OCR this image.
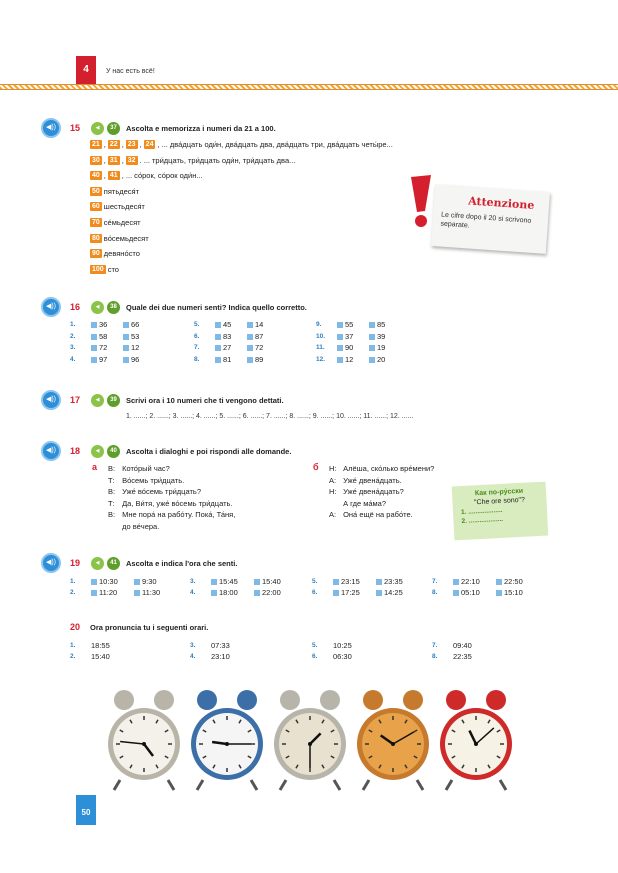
4	У нас есть всё!
◀))	15	◀	37	Ascolta e memorizza i numeri da 21 a 100.
21 , 22 , 23 , 24 , ... два́дцать оди́н, два́дцать два, два́дцать три, два́дцать четы́ре...
30 , 31 , 32 . ... три́дцать, три́дцать оди́н, три́дцать два...
40 , 41 , ... со́рок, со́рок оди́н...
50 пятьдеся́т
60 шестьдеся́т
70 се́мьдесят
80 во́семьдесят
90 девяно́сто
100 сто
Attenzione
Le cifre dopo il 20 si scrivono separate.
◀))	16	◀	38	Quale dei due numeri senti? Indica quello corretto.
1.	36	66
2.	58	53
3.	72	12
4.	97	96
5.	45	14
6.	83	87
7.	27	72
8.	81	89
9.	55	85
10.	37	39
11.	90	19
12.	12	20
◀))	17	◀	39	Scrivi ora i 10 numeri che ti vengono dettati.
1. ......; 2. ......; 3. ......; 4. ......; 5. ......; 6. ......; 7. ......; 8. ......; 9. ......; 10. ......; 11. ......; 12. ......
◀))	18	◀	40	Ascolta i dialoghi e poi rispondi alle domande.
а В: Кото́рый час?
Т: Во́семь три́дцать.
В: Уже́ во́семь три́дцать?
Т: Да, Ви́тя, уже́ во́семь три́дцать.
В: Мне пора́ на рабо́ту. Пока́, Та́ня,
до ве́чера.
б Н: Алёша, ско́лько вре́мени?
А: Уже́ двена́дцать.
Н: Уже́ двена́дцать?
А где ма́ма?
А: Она́ ещё на рабо́те.
Как по-ру́сски
"Che ore sono"?
1. ...................
2. ...................
◀))	19	◀	41	Ascolta e indica l'ora che senti.
1.	10:30	9:30
2.	11:20	11:30
3.	15:45	15:40
4.	18:00	22:00
5.	23:15	23:35
6.	17:25	14:25
7.	22:10	22:50
8.	05:10	15:10
20 Ora pronuncia tu i seguenti orari.
1. 18:55
2. 15:40
3. 07:33
4. 23:10
5. 10:25
6. 06:30
7. 09:40
8. 22:35
50
